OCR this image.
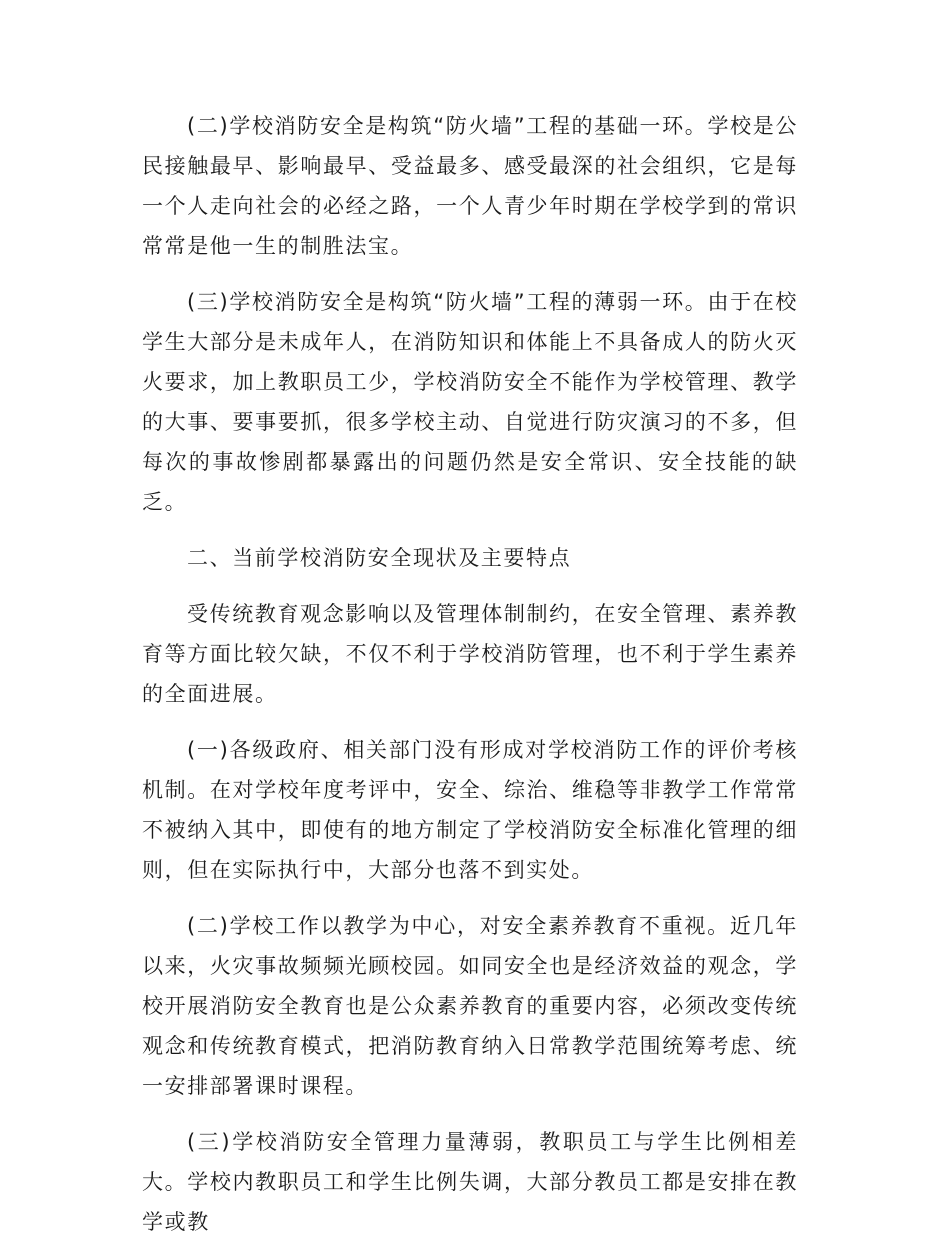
(二)学校消防安全是构筑“防火墙”工程的基础一环。学校是公民接触最早、影响最早、受益最多、感受最深的社会组织，它是每一个人走向社会的必经之路，一个人青少年时期在学校学到的常识常常是他一生的制胜法宝。

(三)学校消防安全是构筑“防火墙”工程的薄弱一环。由于在校学生大部分是未成年人，在消防知识和体能上不具备成人的防火灭火要求，加上教职员工少，学校消防安全不能作为学校管理、教学的大事、要事要抓，很多学校主动、自觉进行防灾演习的不多，但每次的事故惨剧都暴露出的问题仍然是安全常识、安全技能的缺乏。

二、当前学校消防安全现状及主要特点

受传统教育观念影响以及管理体制制约，在安全管理、素养教育等方面比较欠缺，不仅不利于学校消防管理，也不利于学生素养的全面进展。

(一)各级政府、相关部门没有形成对学校消防工作的评价考核机制。在对学校年度考评中，安全、综治、维稳等非教学工作常常不被纳入其中，即使有的地方制定了学校消防安全标准化管理的细则，但在实际执行中，大部分也落不到实处。

(二)学校工作以教学为中心，对安全素养教育不重视。近几年以来，火灾事故频频光顾校园。如同安全也是经济效益的观念，学校开展消防安全教育也是公众素养教育的重要内容，必须改变传统观念和传统教育模式，把消防教育纳入日常教学范围统筹考虑、统一安排部署课时课程。

(三)学校消防安全管理力量薄弱，教职员工与学生比例相差大。学校内教职员工和学生比例失调，大部分教员工都是安排在教学或教
